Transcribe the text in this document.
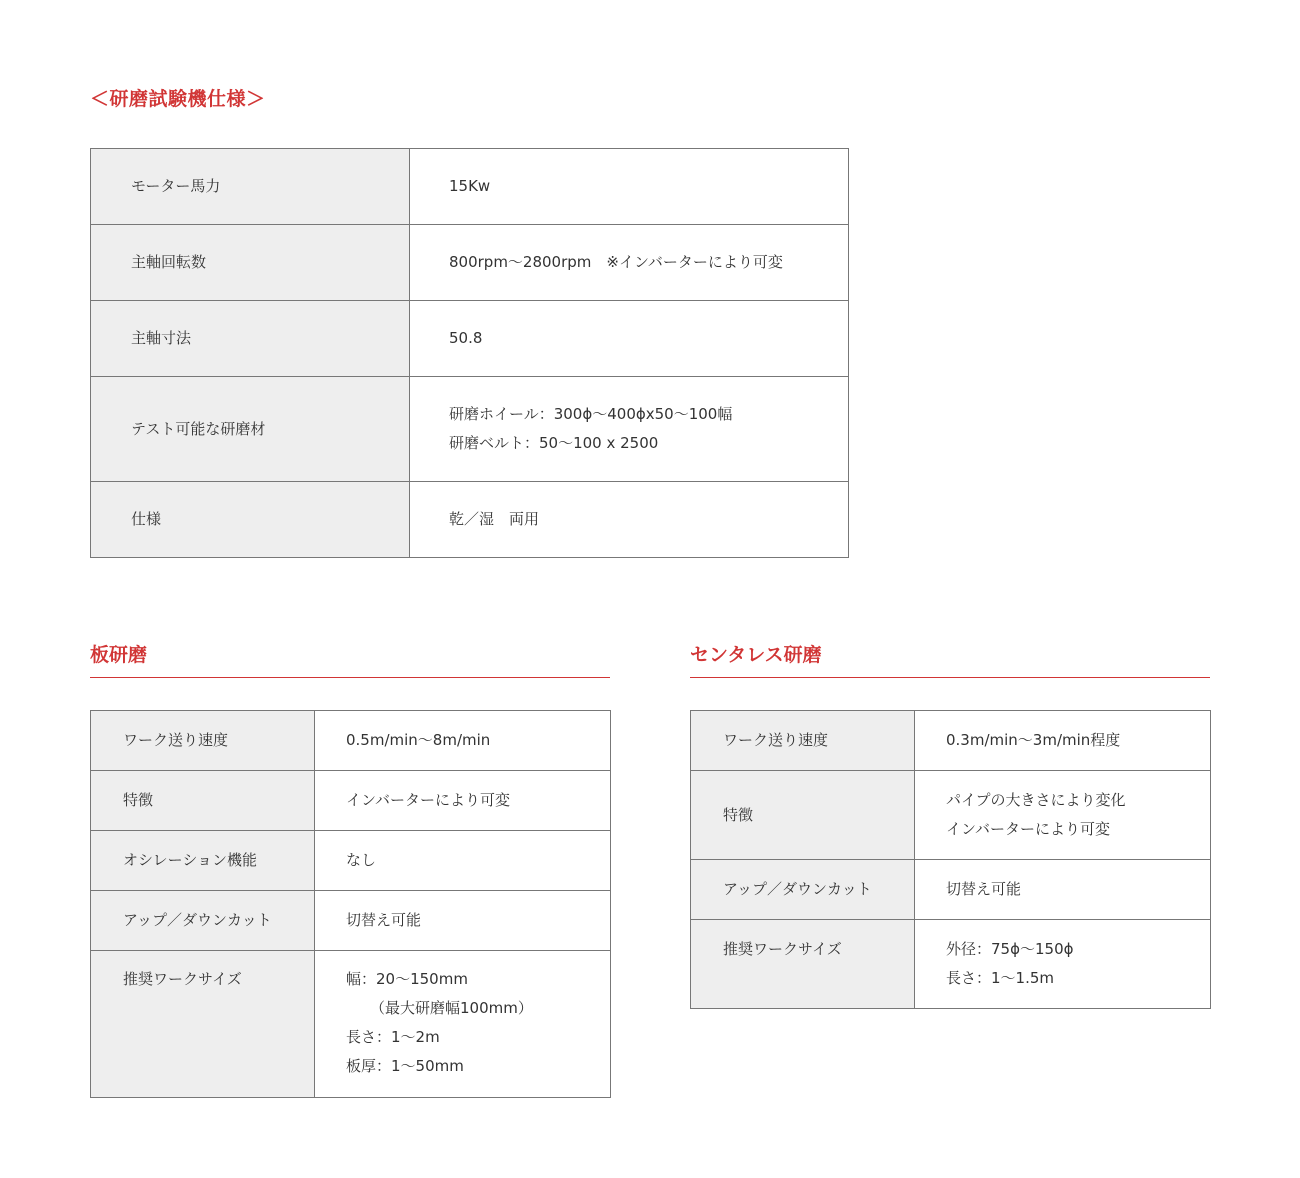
＜研磨試験機仕様＞
モーター馬力	15Kw

主軸回転数	800rpm〜2800rpm　※インバーターにより可変

主軸寸法	50.8

テスト可能な研磨材	研磨ホイール：300ϕ〜400ϕx50〜100幅
研磨ベルト：50〜100 x 2500

仕様	乾／湿　両用
板研磨	センタレス研磨
ワーク送り速度	0.5m/min〜8m/min

特徴	インバーターにより可変

オシレーション機能	なし

アップ／ダウンカット	切替え可能

推奨ワークサイズ	幅：20〜150mm
（最大研磨幅100mm）
長さ：1〜2m
板厚：1〜50mm
ワーク送り速度	0.3m/min〜3m/min程度

特徴	パイプの大きさにより変化
インバーターにより可変

アップ／ダウンカット	切替え可能

推奨ワークサイズ	外径：75ϕ〜150ϕ
長さ：1〜1.5m
